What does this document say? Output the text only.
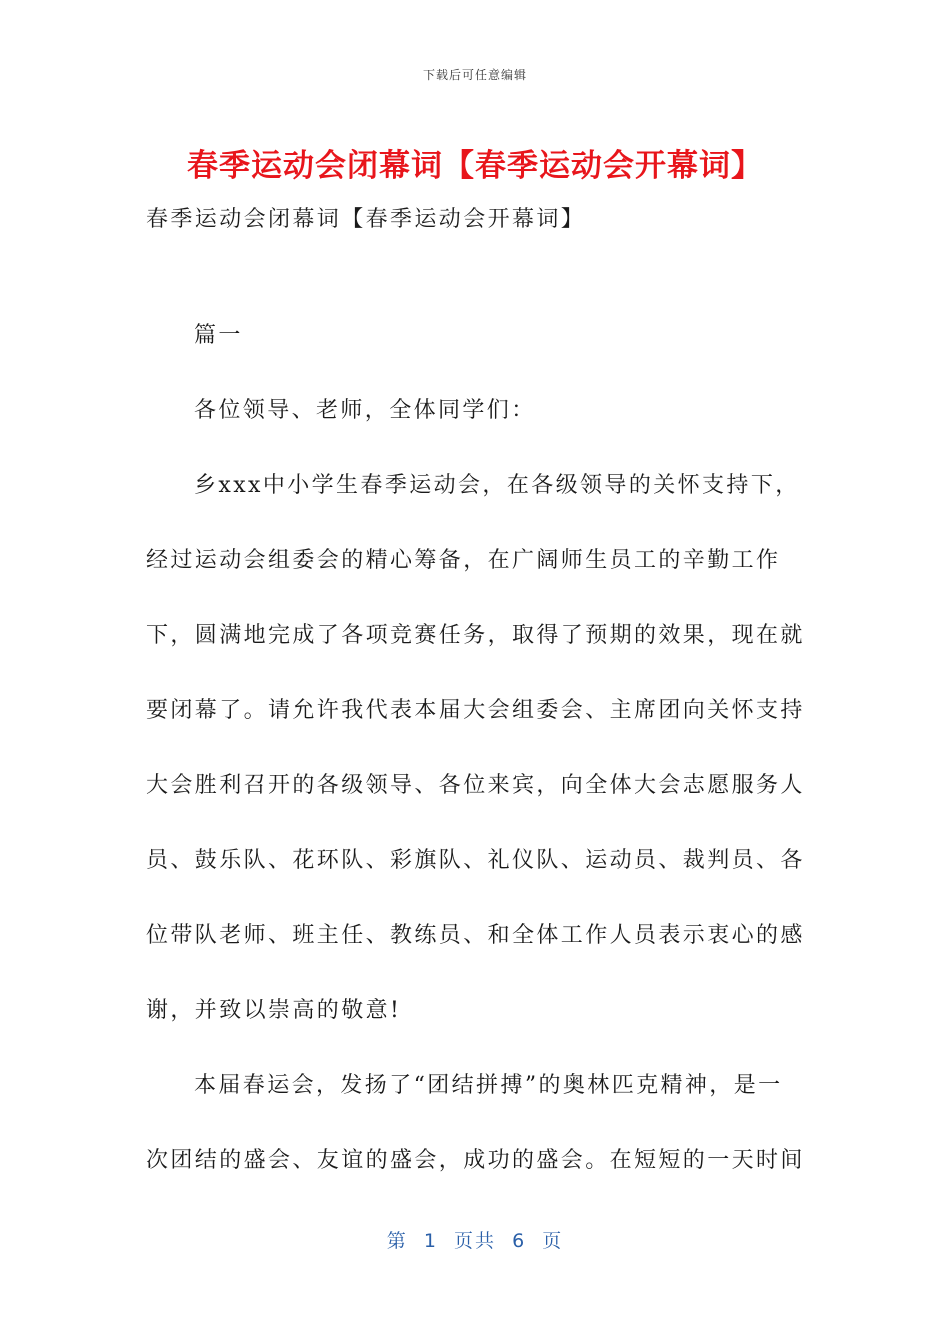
下载后可任意编辑
春季运动会闭幕词【春季运动会开幕词】

春季运动会闭幕词【春季运动会开幕词】

篇一

各位领导、老师，全体同学们：

乡xxx中小学生春季运动会，在各级领导的关怀支持下，经过运动会组委会的精心筹备，在广阔师生员工的辛勤工作下，圆满地完成了各项竞赛任务，取得了预期的效果，现在就要闭幕了。请允许我代表本届大会组委会、主席团向关怀支持大会胜利召开的各级领导、各位来宾，向全体大会志愿服务人员、鼓乐队、花环队、彩旗队、礼仪队、运动员、裁判员、各位带队老师、班主任、教练员、和全体工作人员表示衷心的感谢，并致以崇高的敬意!

本届春运会，发扬了“团结拼搏”的奥林匹克精神，是一次团结的盛会、友谊的盛会，成功的盛会。在短短的一天时间

第  1  页共  6  页
